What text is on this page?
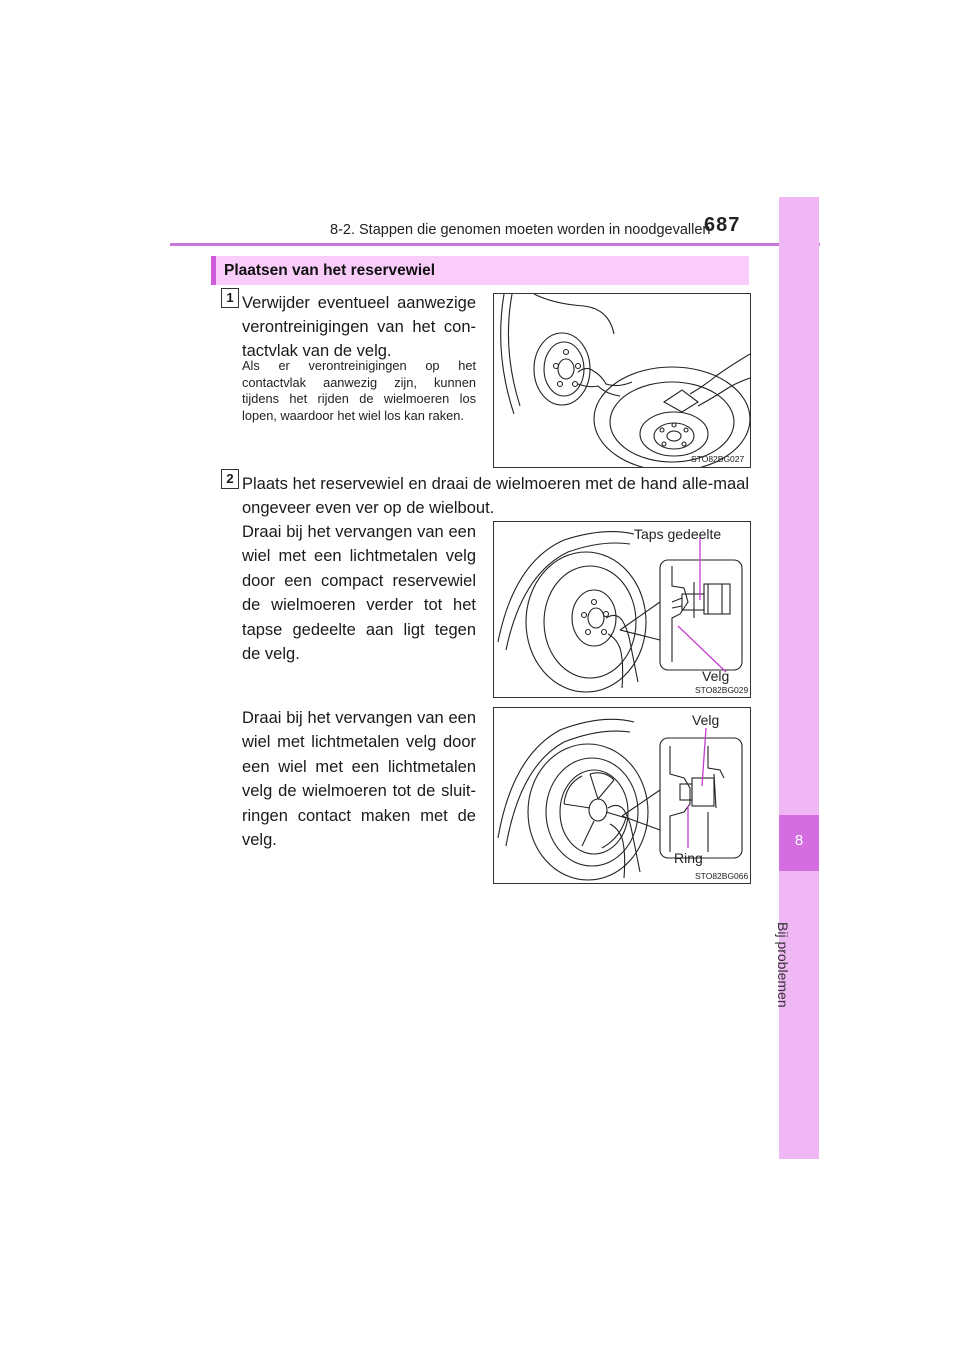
8-2. Stappen die genomen moeten worden in noodgevallen
687
8
Bij problemen
Plaatsen van het reservewiel
1 Verwijder eventueel aanwezige verontreinigingen van het con-tactvlak van de velg.
Als er verontreinigingen op het contactvlak aanwezig zijn, kunnen tijdens het rijden de wielmoeren los lopen, waardoor het wiel los kan raken.
STO82BG027
2 Plaats het reservewiel en draai de wielmoeren met de hand alle-maal ongeveer even ver op de wielbout.
Draai bij het vervangen van een wiel met een lichtmetalen velg door een compact reservewiel de wielmoeren verder tot het tapse gedeelte aan ligt tegen de velg.
Taps gedeelte
Velg
STO82BG029
Draai bij het vervangen van een wiel met lichtmetalen velg door een wiel met een lichtmetalen velg de wielmoeren tot de sluit-ringen contact maken met de velg.
Velg
Ring
STO82BG066
